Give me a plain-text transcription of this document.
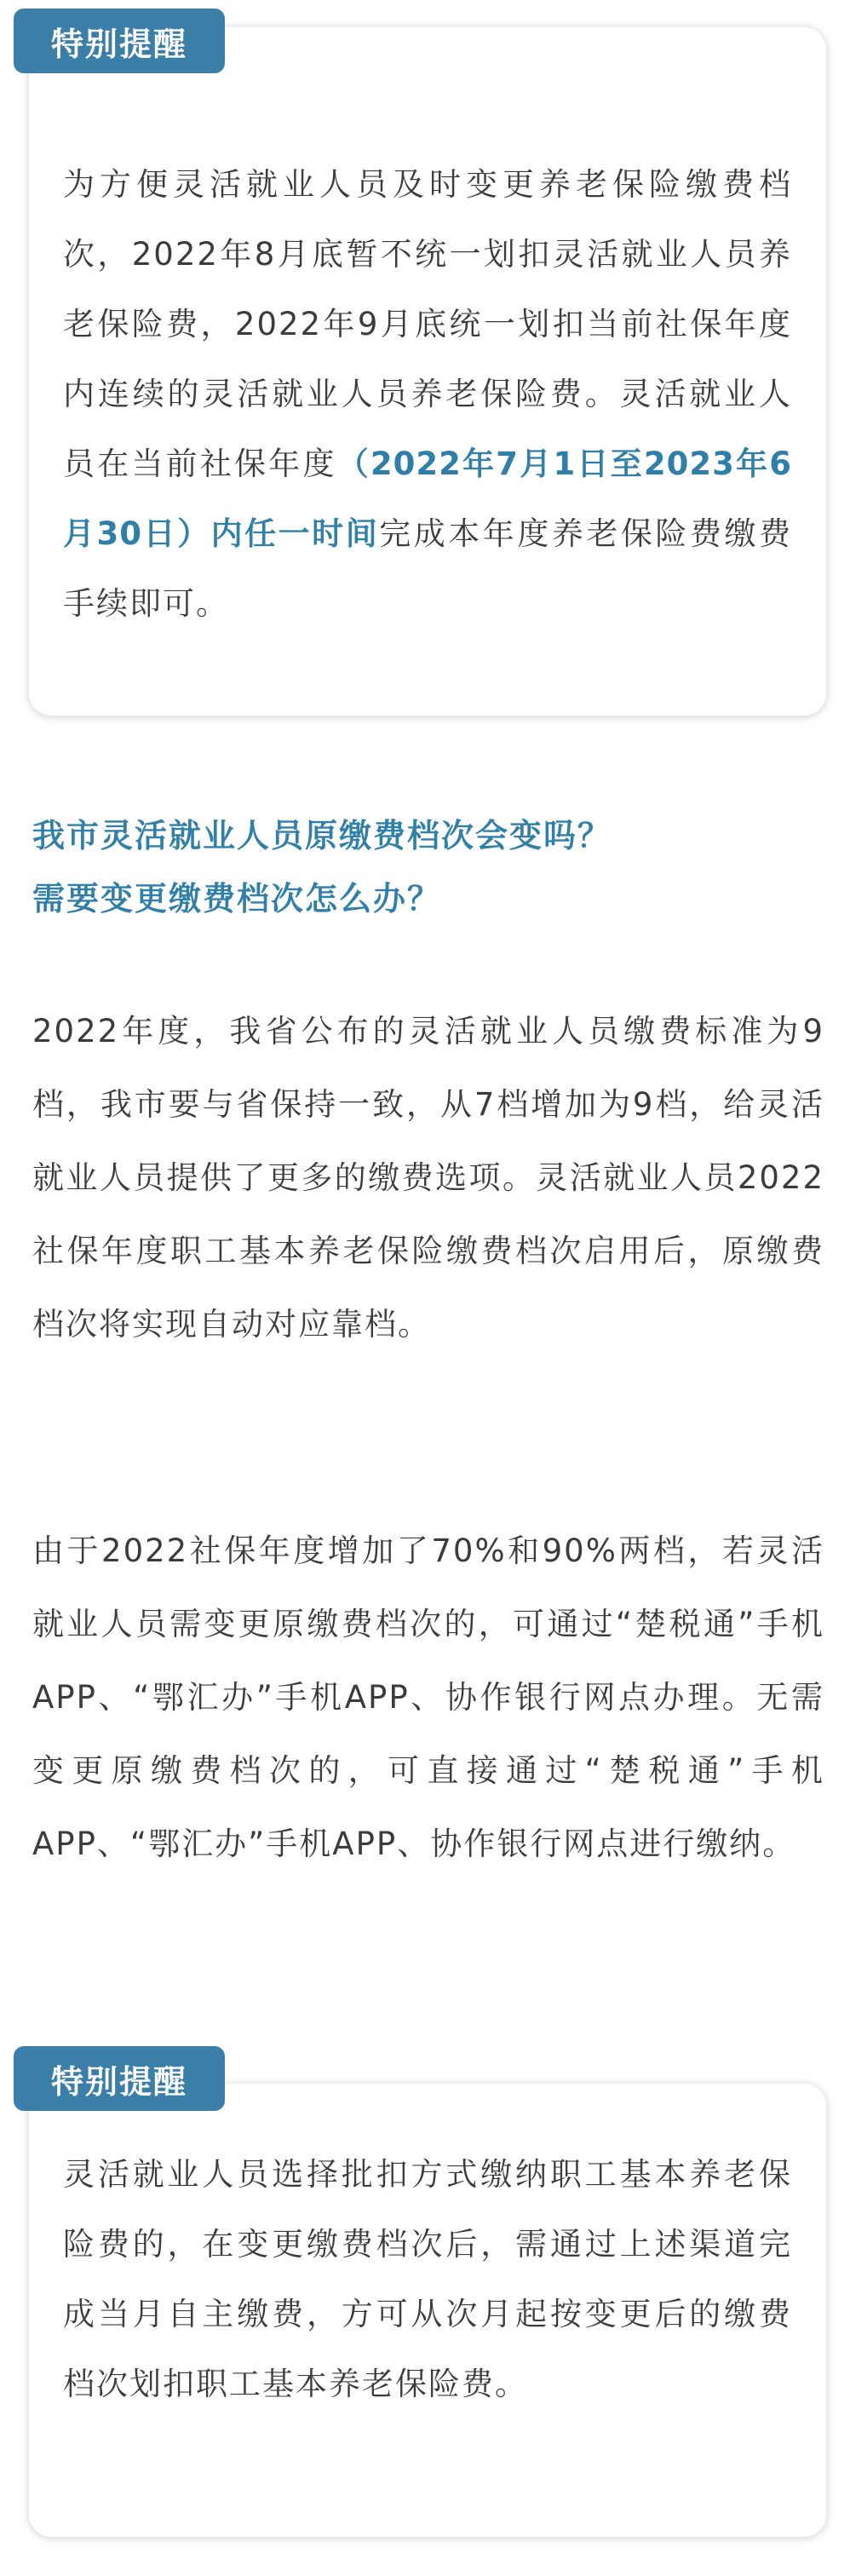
特别提醒
为方便灵活就业人员及时变更养老保险缴费档次，2022年8月底暂不统一划扣灵活就业人员养老保险费，2022年9月底统一划扣当前社保年度内连续的灵活就业人员养老保险费。灵活就业人员在当前社保年度（2022年7月1日至2023年6月30日）内任一时间完成本年度养老保险费缴费手续即可。
我市灵活就业人员原缴费档次会变吗？
需要变更缴费档次怎么办？
2022年度，我省公布的灵活就业人员缴费标准为9档，我市要与省保持一致，从7档增加为9档，给灵活就业人员提供了更多的缴费选项。灵活就业人员2022社保年度职工基本养老保险缴费档次启用后，原缴费档次将实现自动对应靠档。
由于2022社保年度增加了70%和90%两档，若灵活就业人员需变更原缴费档次的，可通过“楚税通”手机APP、“鄂汇办”手机APP、协作银行网点办理。无需变更原缴费档次的，可直接通过“楚税通”手机APP、“鄂汇办”手机APP、协作银行网点进行缴纳。
特别提醒
灵活就业人员选择批扣方式缴纳职工基本养老保险费的，在变更缴费档次后，需通过上述渠道完成当月自主缴费，方可从次月起按变更后的缴费档次划扣职工基本养老保险费。
